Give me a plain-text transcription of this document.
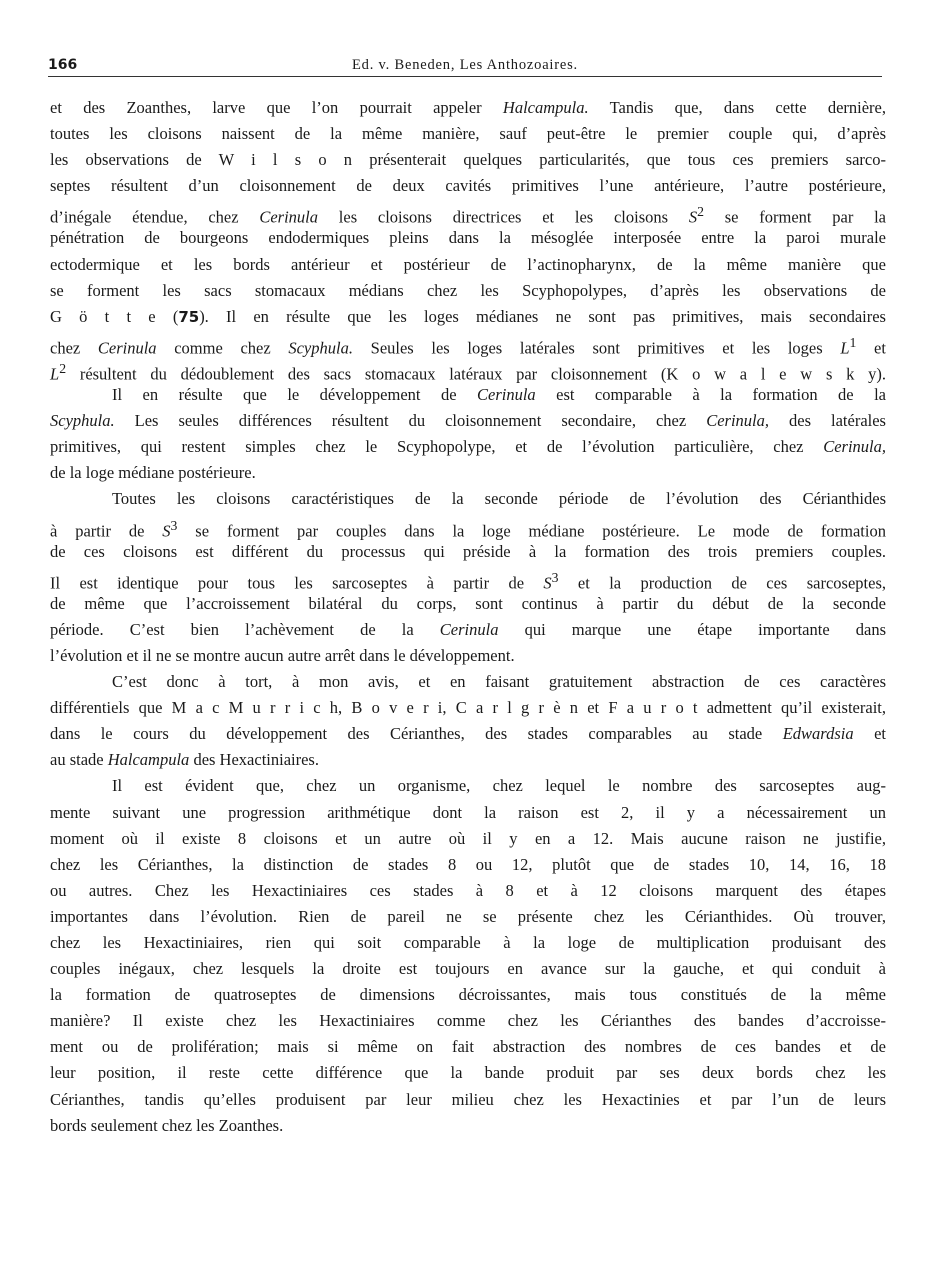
166	Ed. v. Beneden, Les Anthozoaires.
et des Zoanthes, larve que l’on pourrait appeler Halcampula. Tandis que, dans cette dernière,
toutes les cloisons naissent de la même manière, sauf peut-être le premier couple qui, d’après
les observations de W i l s o n présenterait quelques particularités, que tous ces premiers sarco-
septes résultent d’un cloisonnement de deux cavités primitives l’une antérieure, l’autre postérieure,
d’inégale étendue, chez Cerinula les cloisons directrices et les cloisons $S^2$ se forment par la
pénétration de bourgeons endodermiques pleins dans la mésoglée interposée entre la paroi murale
ectodermique et les bords antérieur et postérieur de l’actinopharynx, de la même manière que
se forment les sacs stomacaux médians chez les Scyphopolypes, d’après les observations de
G ö t t e (75). Il en résulte que les loges médianes ne sont pas primitives, mais secondaires
chez Cerinula comme chez Scyphula. Seules les loges latérales sont primitives et les loges $L^1$ et
$L^2$ résultent du dédoublement des sacs stomacaux latéraux par cloisonnement (K o w a l e w s k y).
Il en résulte que le développement de Cerinula est comparable à la formation de la
Scyphula. Les seules différences résultent du cloisonnement secondaire, chez Cerinula, des latérales
primitives, qui restent simples chez le Scyphopolype, et de l’évolution particulière, chez Cerinula,
de la loge médiane postérieure.
Toutes les cloisons caractéristiques de la seconde période de l’évolution des Cérianthides
à partir de $S^3$ se forment par couples dans la loge médiane postérieure. Le mode de formation
de ces cloisons est différent du processus qui préside à la formation des trois premiers couples.
Il est identique pour tous les sarcoseptes à partir de $S^3$ et la production de ces sarcoseptes,
de même que l’accroissement bilatéral du corps, sont continus à partir du début de la seconde
période. C’est bien l’achèvement de la Cerinula qui marque une étape importante dans
l’évolution et il ne se montre aucun autre arrêt dans le développement.
C’est donc à tort, à mon avis, et en faisant gratuitement abstraction de ces caractères
différentiels que M a c M u r r i c h, B o v e r i, C a r l g r è n et F a u r o t admettent qu’il existerait,
dans le cours du développement des Cérianthes, des stades comparables au stade Edwardsia et
au stade Halcampula des Hexactiniaires.
Il est évident que, chez un organisme, chez lequel le nombre des sarcoseptes aug-
mente suivant une progression arithmétique dont la raison est 2, il y a nécessairement un
moment où il existe 8 cloisons et un autre où il y en a 12. Mais aucune raison ne justifie,
chez les Cérianthes, la distinction de stades 8 ou 12, plutôt que de stades 10, 14, 16, 18
ou autres. Chez les Hexactiniaires ces stades à 8 et à 12 cloisons marquent des étapes
importantes dans l’évolution. Rien de pareil ne se présente chez les Cérianthides. Où trouver,
chez les Hexactiniaires, rien qui soit comparable à la loge de multiplication produisant des
couples inégaux, chez lesquels la droite est toujours en avance sur la gauche, et qui conduit à
la formation de quatroseptes de dimensions décroissantes, mais tous constitués de la même
manière? Il existe chez les Hexactiniaires comme chez les Cérianthes des bandes d’accroisse-
ment ou de prolifération; mais si même on fait abstraction des nombres de ces bandes et de
leur position, il reste cette différence que la bande produit par ses deux bords chez les
Cérianthes, tandis qu’elles produisent par leur milieu chez les Hexactinies et par l’un de leurs
bords seulement chez les Zoanthes.
